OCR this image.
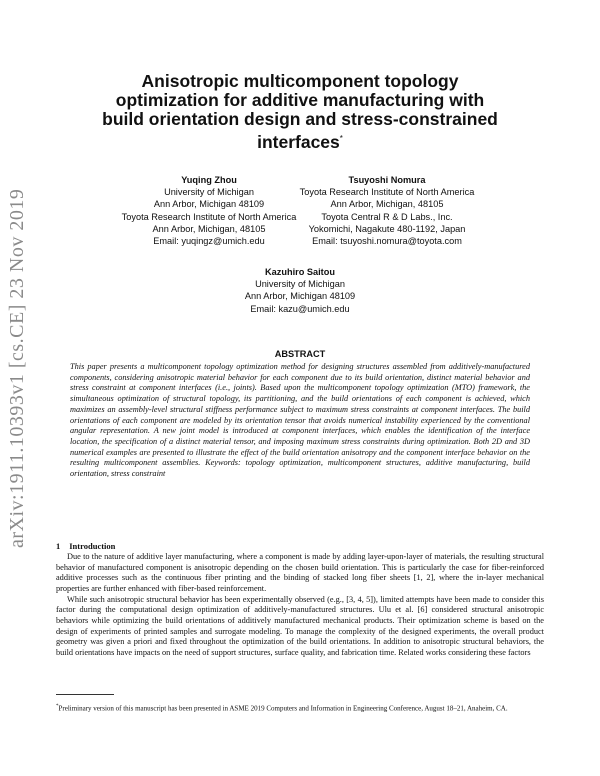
arXiv:1911.10393v1 [cs.CE] 23 Nov 2019
Anisotropic multicomponent topology
optimization for additive manufacturing with
build orientation design and stress-constrained
interfaces*
Yuqing Zhou
University of Michigan
Ann Arbor, Michigan 48109
Toyota Research Institute of North America
Ann Arbor, Michigan, 48105
Email: yuqingz@umich.edu
Tsuyoshi Nomura
Toyota Research Institute of North America
Ann Arbor, Michigan, 48105
Toyota Central R & D Labs., Inc.
Yokomichi, Nagakute 480-1192, Japan
Email: tsuyoshi.nomura@toyota.com
Kazuhiro Saitou
University of Michigan
Ann Arbor, Michigan 48109
Email: kazu@umich.edu
ABSTRACT

This paper presents a multicomponent topology optimization method for designing structures assembled from additively-manufactured components, considering anisotropic material behavior for each component due to its build orientation, distinct material behavior and stress constraint at component interfaces (i.e., joints). Based upon the multicomponent topology optimization (MTO) framework, the simultaneous optimization of structural topology, its partitioning, and the build orientations of each component is achieved, which maximizes an assembly-level structural stiffness performance subject to maximum stress constraints at component interfaces. The build orientations of each component are modeled by its orientation tensor that avoids numerical instability experienced by the conventional angular representation. A new joint model is introduced at component interfaces, which enables the identification of the interface location, the specification of a distinct material tensor, and imposing maximum stress constraints during optimization. Both 2D and 3D numerical examples are presented to illustrate the effect of the build orientation anisotropy and the component interface behavior on the resulting multicomponent assemblies. Keywords: topology optimization, multicomponent structures, additive manufacturing, build orientation, stress constraint

1 Introduction

Due to the nature of additive layer manufacturing, where a component is made by adding layer-upon-layer of materials, the resulting structural behavior of manufactured component is anisotropic depending on the chosen build orientation. This is particularly the case for fiber-reinforced additive processes such as the continuous fiber printing and the binding of stacked long fiber sheets [1, 2], where the in-layer mechanical properties are further enhanced with fiber-based reinforcement.

While such anisotropic structural behavior has been experimentally observed (e.g., [3, 4, 5]), limited attempts have been made to consider this factor during the computational design optimization of additively-manufactured structures. Ulu et al. [6] considered structural anisotropic behaviors while optimizing the build orientations of additively manufactured mechanical products. Their optimization scheme is based on the design of experiments of printed samples and surrogate modeling. To manage the complexity of the designed experiments, the overall product geometry was given a priori and fixed throughout the optimization of the build orientations. In addition to anisotropic structural behaviors, the build orientations have impacts on the need of support structures, surface quality, and fabrication time. Related works considering these factors

*Preliminary version of this manuscript has been presented in ASME 2019 Computers and Information in Engineering Conference, August 18–21, Anaheim, CA.
